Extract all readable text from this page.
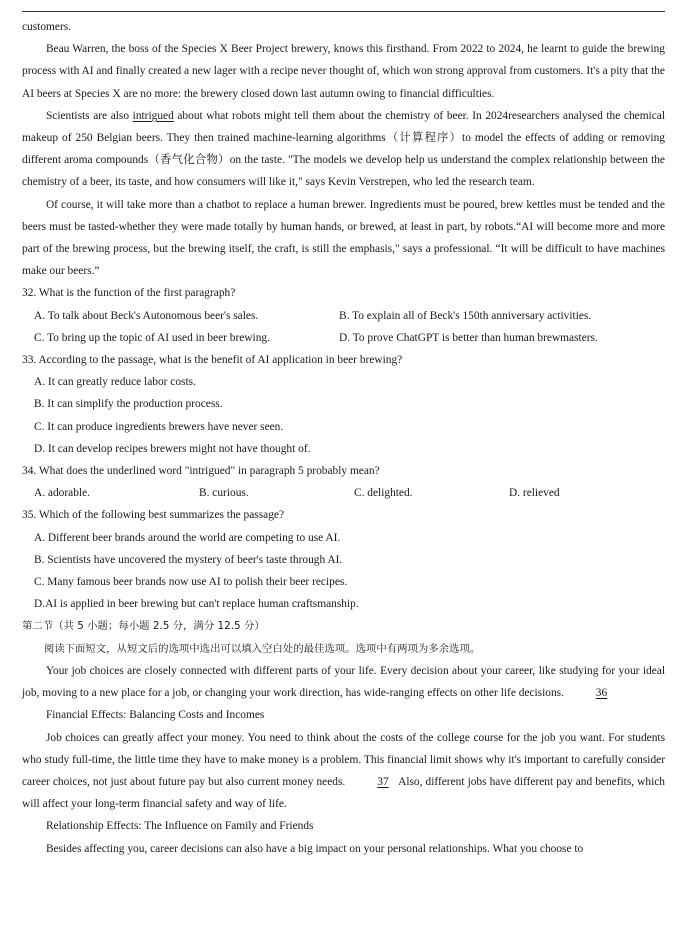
customers.

Beau Warren, the boss of the Species X Beer Project brewery, knows this firsthand. From 2022 to 2024, he learnt to guide the brewing process with AI and finally created a new lager with a recipe never thought of, which won strong approval from customers. It's a pity that the AI beers at Species X are no more: the brewery closed down last autumn owing to financial difficulties.

Scientists are also intrigued about what robots might tell them about the chemistry of beer. In 2024researchers analysed the chemical makeup of 250 Belgian beers. They then trained machine-learning algorithms（计算程序）to model the effects of adding or removing different aroma compounds（香气化合物）on the taste. "The models we develop help us understand the complex relationship between the chemistry of a beer, its taste, and how consumers will like it," says Kevin Verstrepen, who led the research team.

Of course, it will take more than a chatbot to replace a human brewer. Ingredients must be poured, brew kettles must be tended and the beers must be tasted-whether they were made totally by human hands, or brewed, at least in part, by robots.“AI will become more and more part of the brewing process, but the brewing itself, the craft, is still the emphasis," says a professional. “It will be difficult to have machines make our beers.”

32. What is the function of the first paragraph?

A. To talk about Beck's Autonomous beer's sales.	B. To explain all of Beck's 150th anniversary activities.
C. To bring up the topic of AI used in beer brewing.	D. To prove ChatGPT is better than human brewmasters.

33. According to the passage, what is the benefit of AI application in beer brewing?

A. It can greatly reduce labor costs.

B. It can simplify the production process.

C. It can produce ingredients brewers have never seen.

D. It can develop recipes brewers might not have thought of.

34. What does the underlined word "intrigued" in paragraph 5 probably mean?

A. adorable.	B. curious.	C. delighted.	D. relieved

35. Which of the following best summarizes the passage?

A. Different beer brands around the world are competing to use AI.

B. Scientists have uncovered the mystery of beer's taste through AI.

C. Many famous beer brands now use AI to polish their beer recipes.

D.AI is applied in beer brewing but can't replace human craftsmanship.

第二节（共 5 小题；每小题 2.5 分，满分 12.5 分）

阅读下面短文，从短文后的选项中选出可以填入空白处的最佳选项。选项中有两项为多余选项。

Your job choices are closely connected with different parts of your life. Every decision about your career, like studying for your ideal job, moving to a new place for a job, or changing your work direction, has wide-ranging effects on other life decisions.	36

Financial Effects: Balancing Costs and Incomes

Job choices can greatly affect your money. You need to think about the costs of the college course for the job you want. For students who study full-time, the little time they have to make money is a problem. This financial limit shows why it's important to carefully consider career choices, not just about future pay but also current money needs.	37 Also, different jobs have different pay and benefits, which will affect your long-term financial safety and way of life.

Relationship Effects: The Influence on Family and Friends

Besides affecting you, career decisions can also have a big impact on your personal relationships. What you choose to
